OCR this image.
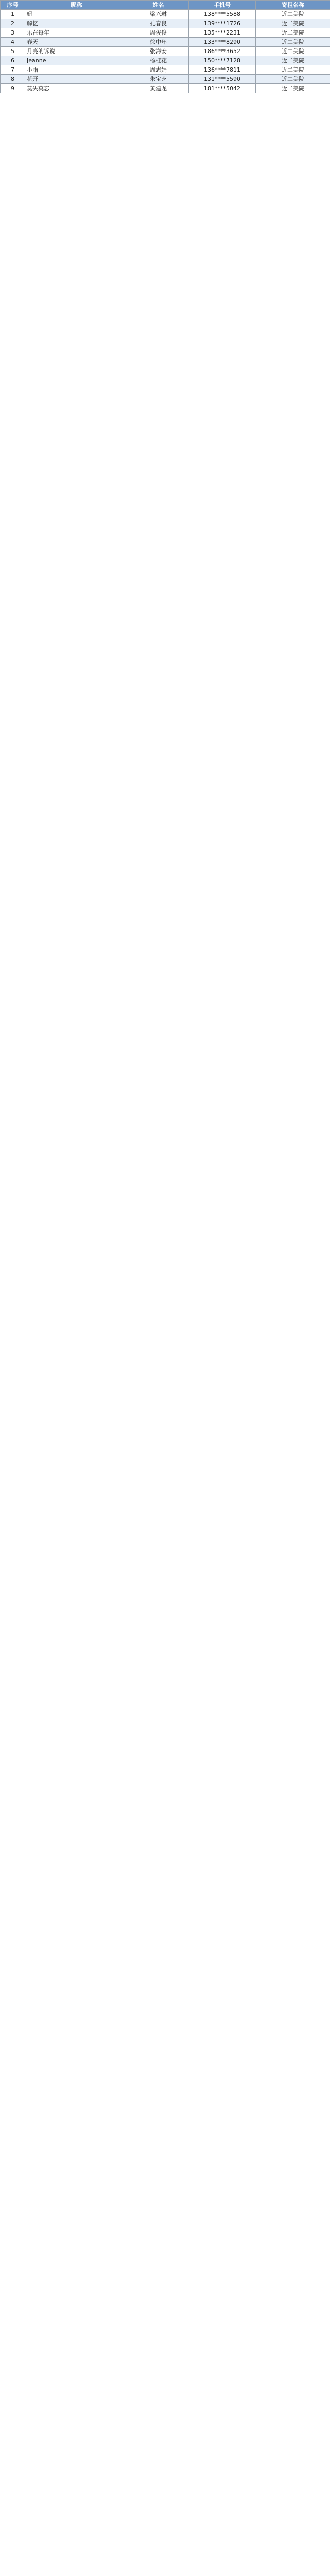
序号	昵称	姓名	手机号	寄租名称
1	妞	梁兴琳	138****5588	近二美院
2	解忆	孔春良	139****1726	近二美院
3	乐在每年	周俊俊	135****2231	近二美院
4	春天	徐中年	133****8290	近二美院
5	月亮的诉说	张海安	186****3652	近二美院
6	Jeanne	杨桂花	150****7128	近二美院
7	小雨	周志娟	136****7811	近二美院
8	花开	朱宝芝	131****5590	近二美院
9	莫失莫忘	黄建龙	181****5042	近二美院
